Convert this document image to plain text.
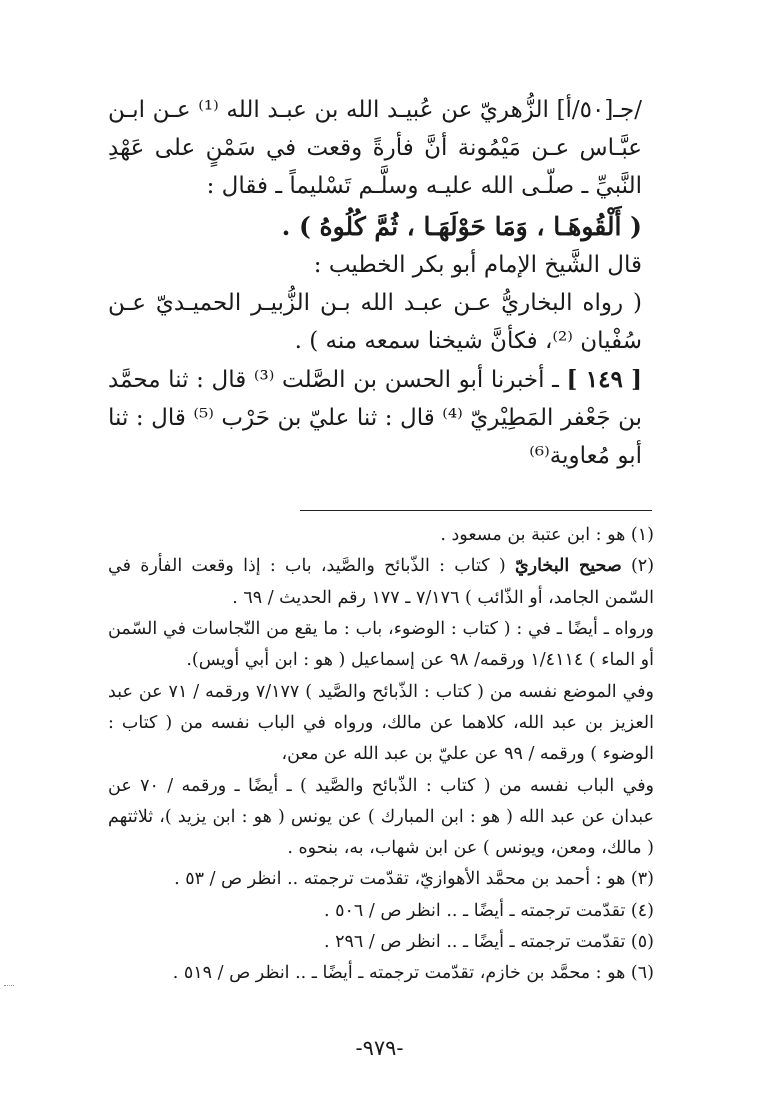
/جـ[٥٠/أ] الزُّهريّ عن عُبيـد الله بن عبـد الله ⁽¹⁾ عـن ابـن عبَّـاس عـن مَيْمُونة أنَّ فأرةً وقعت في سَمْنٍ على عَهْدِ النَّبيِّ ـ صلّـى الله عليـه وسلَّـم تَسْليماً ـ فقال :

( أَلْقُوهَـا ، وَمَا حَوْلَهَـا ، ثُمَّ كُلُوهُ ) .

قال الشَّيخ الإمام أبو بكر الخطيب :

( رواه البخاريُّ عـن عبـد الله بـن الزُّبيـر الحميـديّ عـن سُفْيان ⁽²⁾، فكأنَّ شيخنا سمعه منه ) .

[ ١٤٩ ] ـ أخبرنا أبو الحسن بن الصَّلت ⁽³⁾ قال : ثنا محمَّد بن جَعْفر المَطِيْريّ ⁽⁴⁾ قال : ثنا عليّ بن حَرْب ⁽⁵⁾ قال : ثنا أبو مُعاوية⁽⁶⁾

(١) هو : ابن عتبة بن مسعود .

(٢) صحيح البخاريّ ( كتاب : الذّبائح والصَّيد، باب : إذا وقعت الفأرة في السّمن الجامد، أو الذّائب ) ٧/١٧٦ ـ ١٧٧ رقم الحديث / ٦٩ .

ورواه ـ أيضًا ـ في : ( كتاب : الوضوء، باب : ما يقع من النّجاسات في السّمن أو الماء ) ١/٤١١٤ ورقمه/ ٩٨ عن إسماعيل ( هو : ابن أبي أويس).

وفي الموضع نفسه من ( كتاب : الذّبائح والصَّيد ) ٧/١٧٧ ورقمه / ٧١ عن عبد العزيز بن عبد الله، كلاهما عن مالك، ورواه في الباب نفسه من ( كتاب : الوضوء ) ورقمه / ٩٩ عن عليّ بن عبد الله عن معن،

وفي الباب نفسه من ( كتاب : الذّبائح والصَّيد ) ـ أيضًا ـ ورقمه / ٧٠ عن عبدان عن عبد الله ( هو : ابن المبارك ) عن يونس ( هو : ابن يزيد )، ثلاثتهم ( مالك، ومعن، ويونس ) عن ابن شهاب، به، بنحوه .

(٣) هو : أحمد بن محمَّد الأهوازيّ، تقدّمت ترجمته .. انظر ص / ٥٣ .

(٤) تقدّمت ترجمته ـ أيضًا ـ .. انظر ص / ٥٠٦ .

(٥) تقدّمت ترجمته ـ أيضًا ـ .. انظر ص / ٢٩٦ .

(٦) هو : محمَّد بن خازم، تقدّمت ترجمته ـ أيضًا ـ .. انظر ص / ٥١٩ .

-٩٧٩-
